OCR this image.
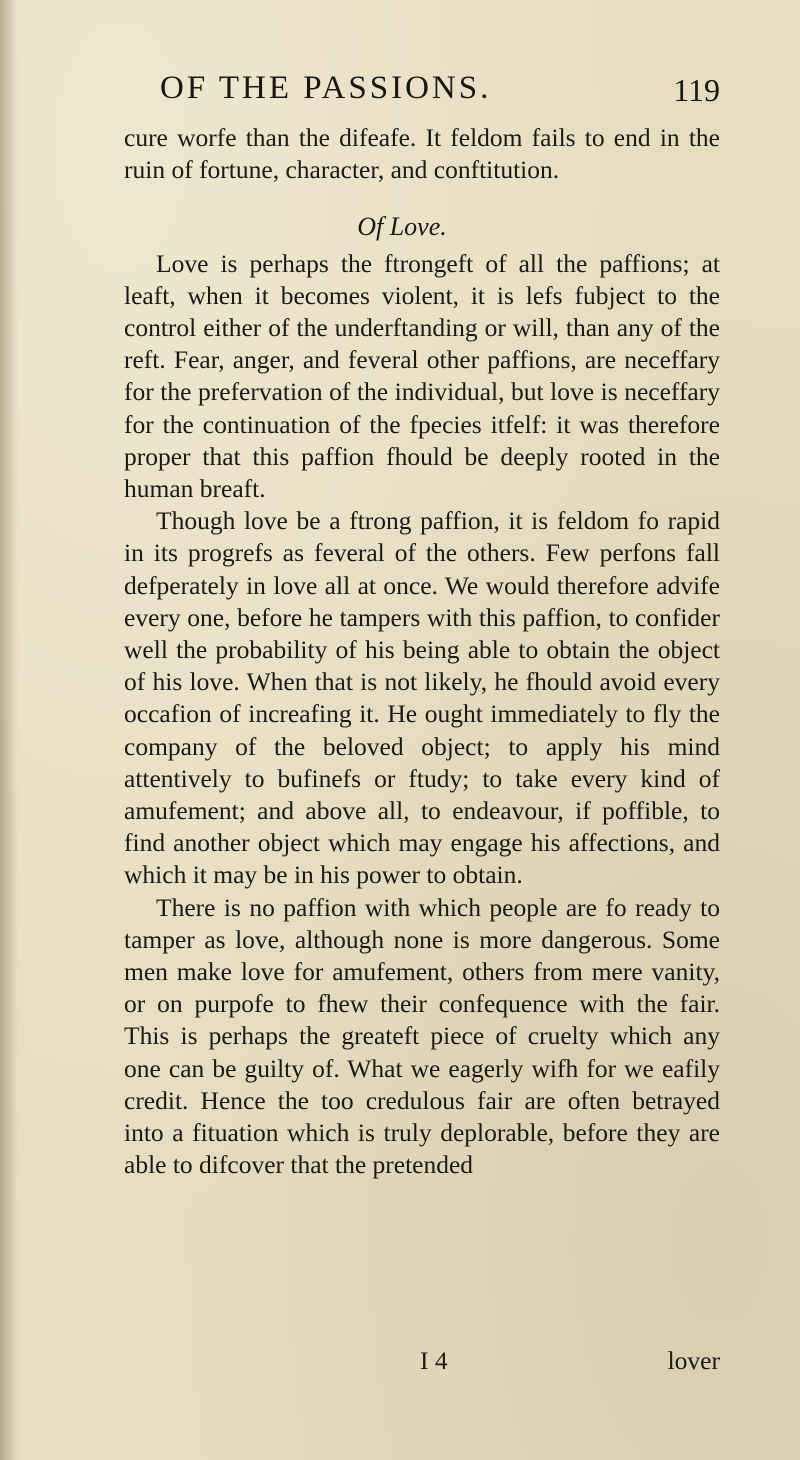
OF THE PASSIONS.	119

cure worfe than the difeafe. It feldom fails to end in the ruin of fortune, character, and conftitution.

Of Love.

Love is perhaps the ftrongeft of all the paffions; at leaft, when it becomes violent, it is lefs fubject to the control either of the underftanding or will, than any of the reft. Fear, anger, and feveral other paffions, are neceffary for the prefervation of the individual, but love is neceffary for the continuation of the fpecies itfelf: it was therefore proper that this paffion fhould be deeply rooted in the human breaft.

Though love be a ftrong paffion, it is feldom fo rapid in its progrefs as feveral of the others. Few perfons fall defperately in love all at once. We would therefore advife every one, before he tampers with this paffion, to confider well the probability of his being able to obtain the object of his love. When that is not likely, he fhould avoid every occafion of increafing it. He ought immediately to fly the company of the beloved object; to apply his mind attentively to bufinefs or ftudy; to take every kind of amufement; and above all, to endeavour, if poffible, to find another object which may engage his affections, and which it may be in his power to obtain.

There is no paffion with which people are fo ready to tamper as love, although none is more dangerous. Some men make love for amufement, others from mere vanity, or on purpofe to fhew their confequence with the fair. This is perhaps the greateft piece of cruelty which any one can be guilty of. What we eagerly wifh for we eafily credit. Hence the too credulous fair are often betrayed into a fituation which is truly deplorable, before they are able to difcover that the pretended

I 4	lover
